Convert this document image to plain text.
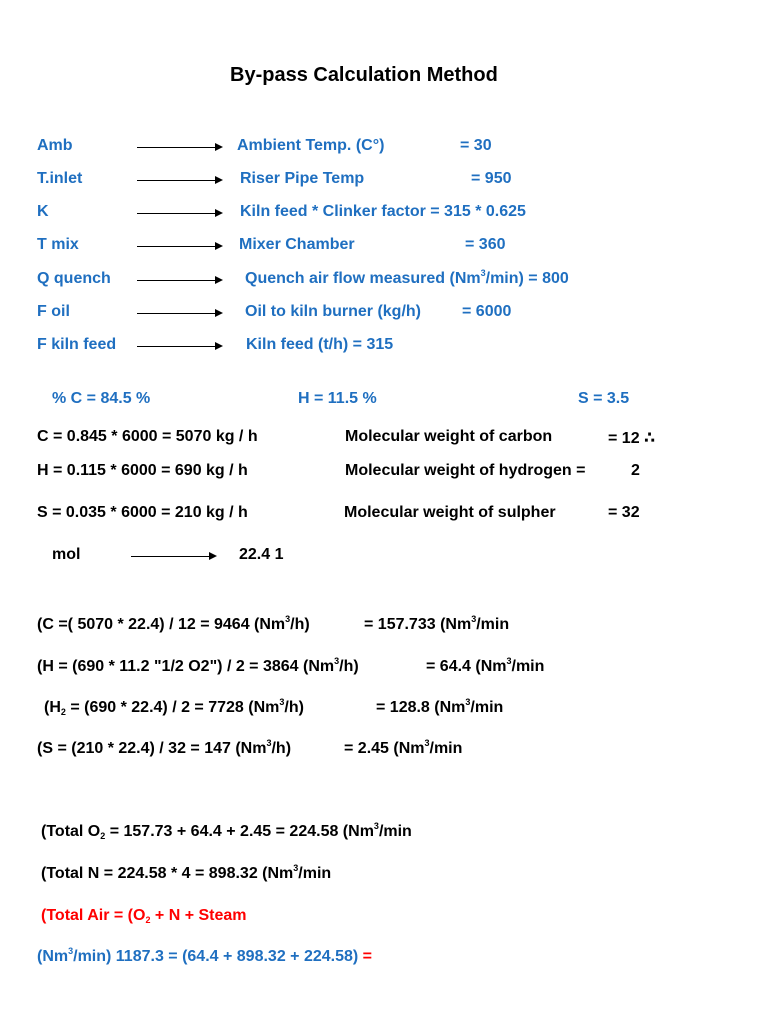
By-pass Calculation Method
Amb	Ambient Temp. (C°)	= 30
T.inlet	Riser Pipe Temp	= 950
K	Kiln feed * Clinker factor = 315 * 0.625
T mix	Mixer Chamber	= 360
Q quench	Quench air flow measured $(Nm^3/\min) = 800$
F oil	Oil to kiln burner (kg/h)	= 6000
F kiln feed	Kiln feed (t/h) = 315
% C = 84.5 %	H = 11.5 %	S = 3.5
C = 0.845 * 6000 = 5070 kg / h	Molecular weight of carbon	= 12 ∴
H = 0.115 * 6000 = 690 kg / h	Molecular weight of hydrogen =	2
S = 0.035 * 6000 = 210 kg / h	Molecular weight of sulpher	= 32
mol	22.4 1
(C =( 5070 * 22.4) / 12 = 9464 $(Nm^3/h)$	= 157.733 (Nm$^3$/min
(H = (690 * 11.2 "1/2 O2") / 2 = 3864 $(Nm^3/h)$	= 64.4 (Nm$^3$/min
($H_2 = (690 * 22.4) / 2 = 7728$ $(Nm^3/h)$	= 128.8 (Nm$^3$/min
(S = (210 * 22.4) / 32 = 147 $(Nm^3/h)$	= 2.45 (Nm$^3$/min
(Total $O_2 = 157.73 + 64.4 + 2.45 = 224.58$ (Nm$^3$/min
(Total N = 224.58 * 4 = 898.32 (Nm$^3$/min
(Total Air = ($O_2 + N$ + Steam
(Nm$^3$/min) 1187.3 = (64.4 + 898.32 + 224.58) =
